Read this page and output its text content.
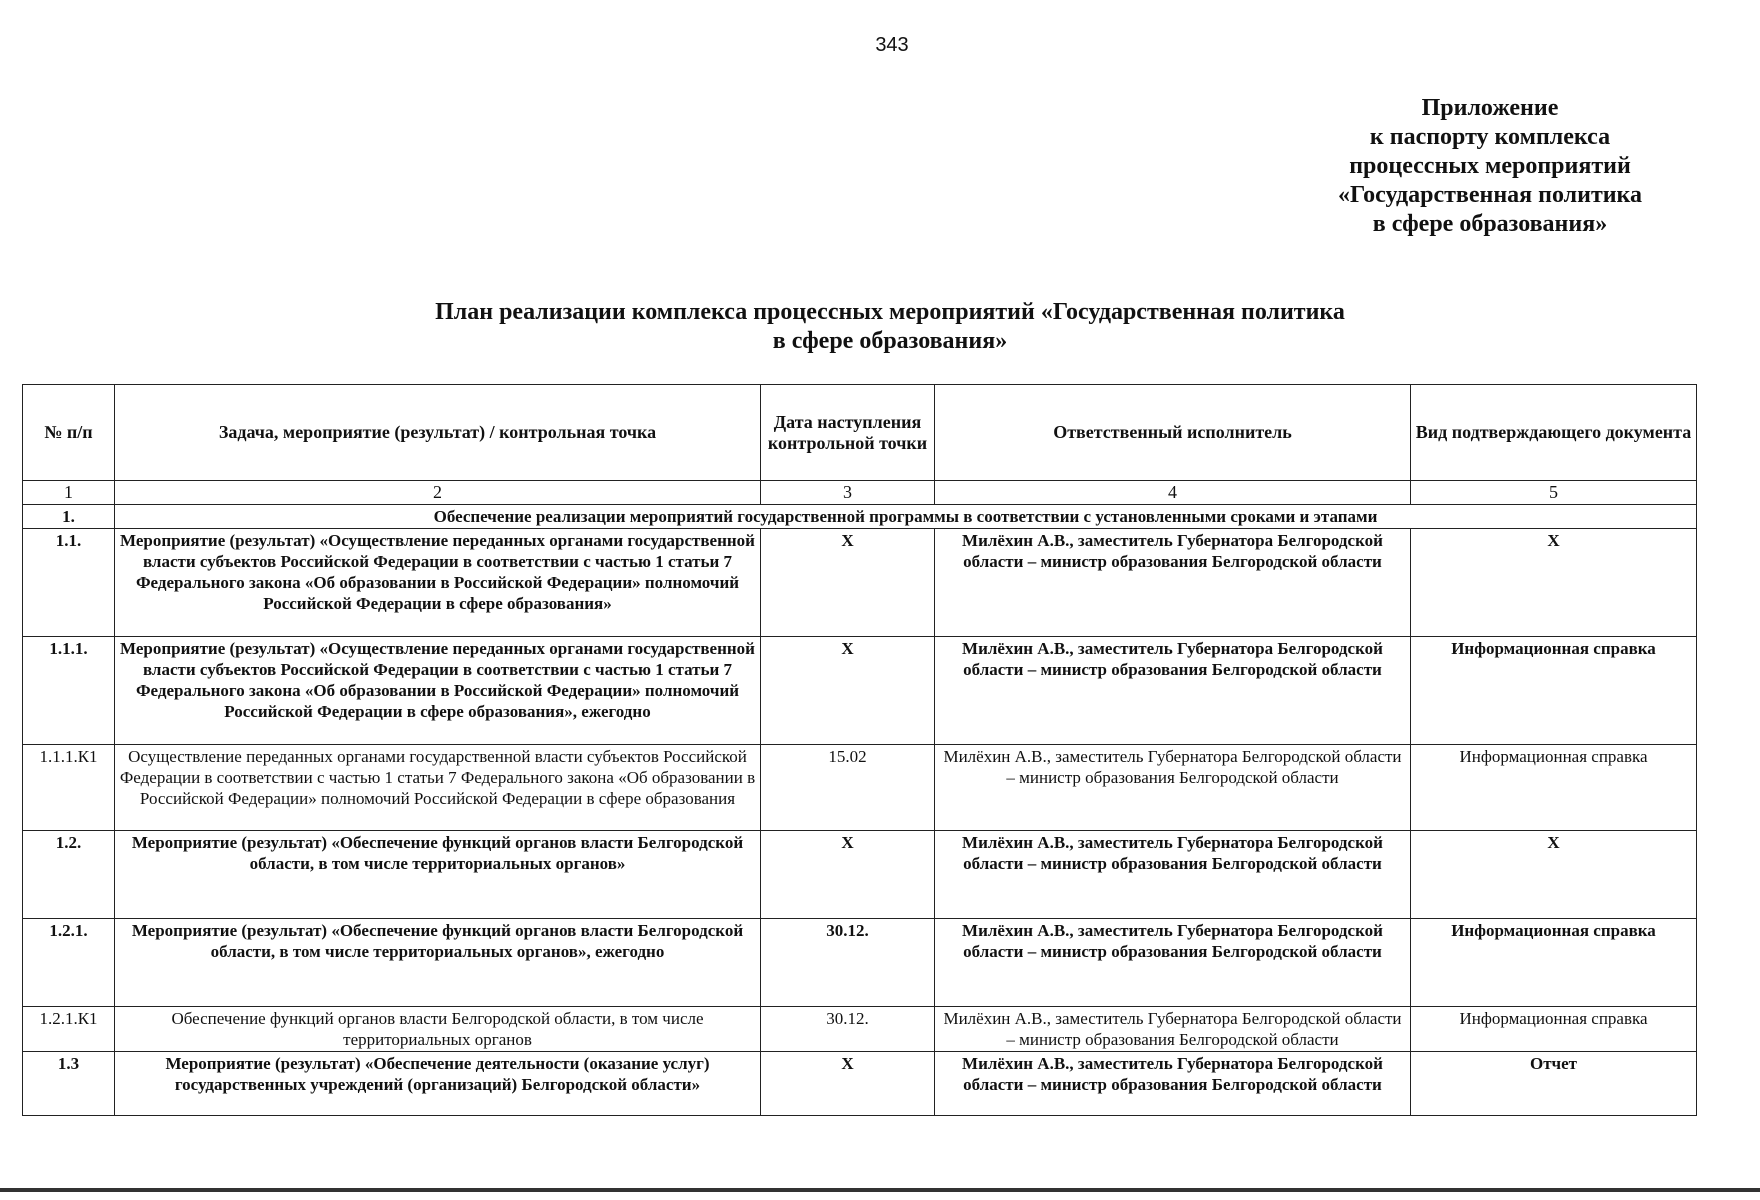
343
Приложение
к паспорту комплекса
процессных мероприятий
«Государственная политика
в сфере образования»
План реализации комплекса процессных мероприятий «Государственная политика
в сфере образования»
№ п/п	Задача, мероприятие (результат) / контрольная точка	Дата наступления контрольной точки	Ответственный исполнитель	Вид подтверждающего документа
1	2	3	4	5
1.	Обеспечение реализации мероприятий государственной программы в соответствии с установленными сроками и этапами			
1.1.	Мероприятие (результат) «Осуществление переданных органами государственной власти субъектов Российской Федерации в соответствии с частью 1 статьи 7 Федерального закона «Об образовании в Российской Федерации» полномочий Российской Федерации в сфере образования»	X	Милёхин А.В., заместитель Губернатора Белгородской области – министр образования Белгородской области	X
1.1.1.	Мероприятие (результат) «Осуществление переданных органами государственной власти субъектов Российской Федерации в соответствии с частью 1 статьи 7 Федерального закона «Об образовании в Российской Федерации» полномочий Российской Федерации в сфере образования», ежегодно	X	Милёхин А.В., заместитель Губернатора Белгородской области – министр образования Белгородской области	Информационная справка
1.1.1.К1	Осуществление переданных органами государственной власти субъектов Российской Федерации в соответствии с частью 1 статьи 7 Федерального закона «Об образовании в Российской Федерации» полномочий Российской Федерации в сфере образования	15.02	Милёхин А.В., заместитель Губернатора Белгородской области – министр образования Белгородской области	Информационная справка
1.2.	Мероприятие (результат) «Обеспечение функций органов власти Белгородской области, в том числе территориальных органов»	X	Милёхин А.В., заместитель Губернатора Белгородской области – министр образования Белгородской области	X
1.2.1.	Мероприятие (результат) «Обеспечение функций органов власти Белгородской области, в том числе территориальных органов», ежегодно	30.12.	Милёхин А.В., заместитель Губернатора Белгородской области – министр образования Белгородской области	Информационная справка
1.2.1.К1	Обеспечение функций органов власти Белгородской области, в том числе территориальных органов	30.12.	Милёхин А.В., заместитель Губернатора Белгородской области – министр образования Белгородской области	Информационная справка
1.3	Мероприятие (результат) «Обеспечение деятельности (оказание услуг) государственных учреждений (организаций) Белгородской области»	X	Милёхин А.В., заместитель Губернатора Белгородской области – министр образования Белгородской области	Отчет
